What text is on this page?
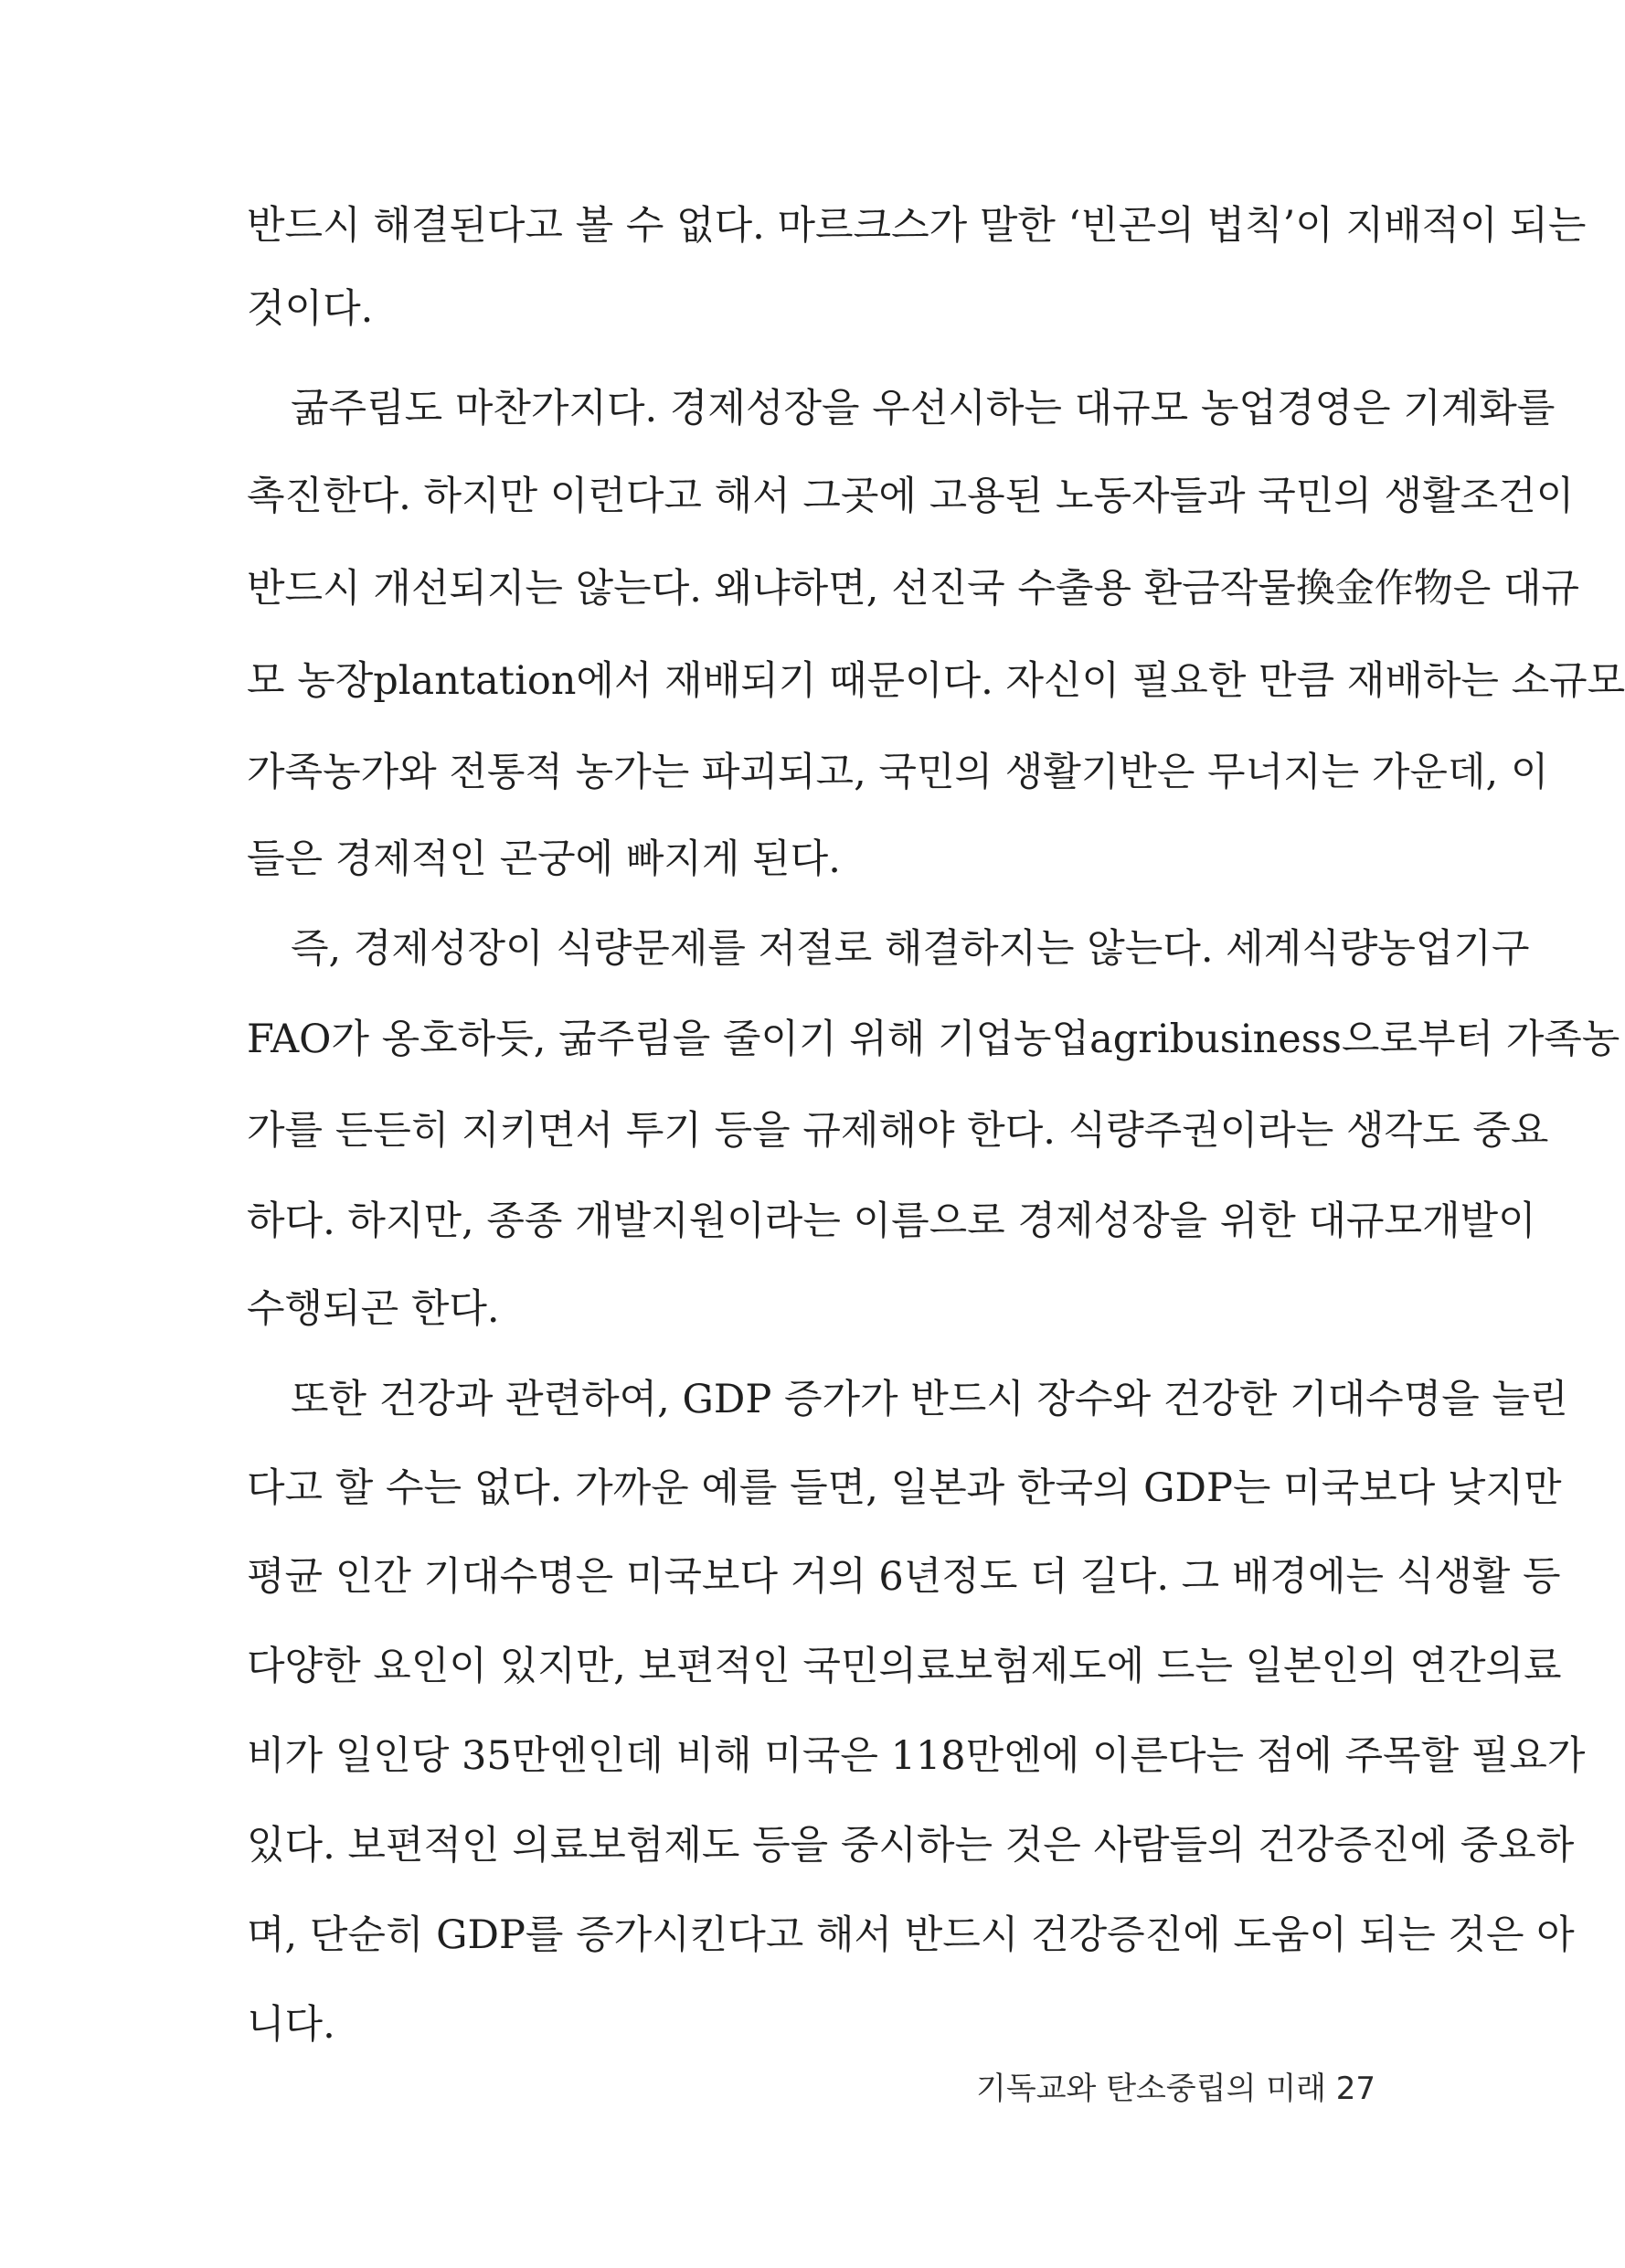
반드시 해결된다고 볼 수 없다. 마르크스가 말한 ‘빈곤의 법칙’이 지배적이 되는
것이다.
굶주림도 마찬가지다. 경제성장을 우선시하는 대규모 농업경영은 기계화를
촉진한다. 하지만 이런다고 해서 그곳에 고용된 노동자들과 국민의 생활조건이
반드시 개선되지는 않는다. 왜냐하면, 선진국 수출용 환금작물換金作物은 대규
모 농장plantation에서 재배되기 때문이다. 자신이 필요한 만큼 재배하는 소규모
가족농가와 전통적 농가는 파괴되고, 국민의 생활기반은 무너지는 가운데, 이
들은 경제적인 곤궁에 빠지게 된다.
즉, 경제성장이 식량문제를 저절로 해결하지는 않는다. 세계식량농업기구
FAO가 옹호하듯, 굶주림을 줄이기 위해 기업농업agribusiness으로부터 가족농
가를 든든히 지키면서 투기 등을 규제해야 한다. 식량주권이라는 생각도 중요
하다. 하지만, 종종 개발지원이라는 이름으로 경제성장을 위한 대규모개발이
수행되곤 한다.
또한 건강과 관련하여, GDP 증가가 반드시 장수와 건강한 기대수명을 늘린
다고 할 수는 없다. 가까운 예를 들면, 일본과 한국의 GDP는 미국보다 낮지만
평균 인간 기대수명은 미국보다 거의 6년정도 더 길다. 그 배경에는 식생활 등
다양한 요인이 있지만, 보편적인 국민의료보험제도에 드는 일본인의 연간의료
비가 일인당 35만엔인데 비해 미국은 118만엔에 이른다는 점에 주목할 필요가
있다. 보편적인 의료보험제도 등을 중시하는 것은 사람들의 건강증진에 중요하
며, 단순히 GDP를 증가시킨다고 해서 반드시 건강증진에 도움이 되는 것은 아
니다.
기독교와 탄소중립의 미래 27
